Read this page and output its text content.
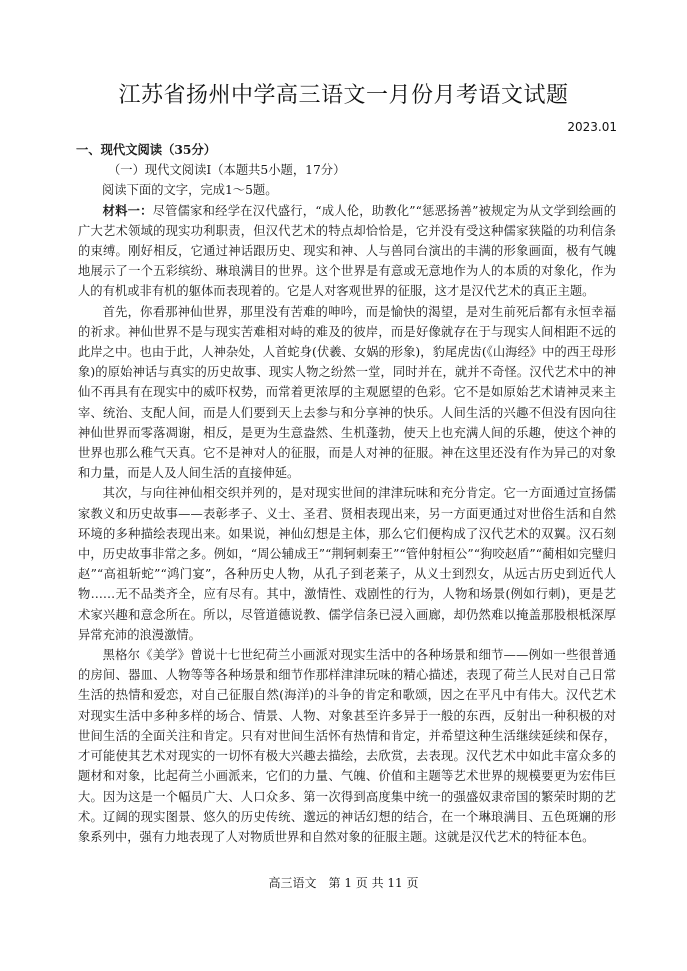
江苏省扬州中学高三语文一月份月考语文试题
2023.01

一、现代文阅读（35分）

（一）现代文阅读Ⅰ（本题共5小题，17分）

阅读下面的文字，完成1～5题。

材料一：尽管儒家和经学在汉代盛行，“成人伦，助教化”“惩恶扬善”被规定为从文学到绘画的广大艺术领域的现实功利职责，但汉代艺术的特点却恰恰是，它并没有受这种儒家狭隘的功利信条的束缚。刚好相反，它通过神话跟历史、现实和神、人与兽同台演出的丰满的形象画面，极有气魄地展示了一个五彩缤纷、琳琅满目的世界。这个世界是有意或无意地作为人的本质的对象化，作为人的有机或非有机的躯体而表现着的。它是人对客观世界的征服，这才是汉代艺术的真正主题。

首先，你看那神仙世界，那里没有苦难的呻吟，而是愉快的渴望，是对生前死后都有永恒幸福的祈求。神仙世界不是与现实苦难相对峙的难及的彼岸，而是好像就存在于与现实人间相距不远的此岸之中。也由于此，人神杂处，人首蛇身(伏羲、女娲的形象)，豹尾虎齿(《山海经》中的西王母形象)的原始神话与真实的历史故事、现实人物之纷然一堂，同时并在，就并不奇怪。汉代艺术中的神仙不再具有在现实中的威吓权势，而常着更浓厚的主观愿望的色彩。它不是如原始艺术请神灵来主宰、统治、支配人间，而是人们要到天上去参与和分享神的快乐。人间生活的兴趣不但没有因向往神仙世界而零落凋谢，相反，是更为生意盎然、生机蓬勃，使天上也充满人间的乐趣，使这个神的世界也那么稚气天真。它不是神对人的征服，而是人对神的征服。神在这里还没有作为异己的对象和力量，而是人及人间生活的直接伸延。

其次，与向往神仙相交织并列的，是对现实世间的津津玩味和充分肯定。它一方面通过宣扬儒家教义和历史故事——表彰孝子、义士、圣君、贤相表现出来，另一方面更通过对世俗生活和自然环境的多种描绘表现出来。如果说，神仙幻想是主体，那么它们便构成了汉代艺术的双翼。汉石刻中，历史故事非常之多。例如，“周公辅成王”“荆轲刺秦王”“管仲射桓公”“狗咬赵盾”“蔺相如完璧归赵”“高祖斩蛇”“鸿门宴”，各种历史人物，从孔子到老莱子，从义士到烈女，从远古历史到近代人物……无不品类齐全，应有尽有。其中，激情性、戏剧性的行为，人物和场景(例如行刺)，更是艺术家兴趣和意念所在。所以，尽管道德说教、儒学信条已浸入画廊，却仍然难以掩盖那股根柢深厚异常充沛的浪漫激情。

黑格尔《美学》曾说十七世纪荷兰小画派对现实生活中的各种场景和细节——例如一些很普通的房间、器皿、人物等等各种场景和细节作那样津津玩味的精心描述，表现了荷兰人民对自己日常生活的热情和爱恋，对自己征服自然(海洋)的斗争的肯定和歌颂，因之在平凡中有伟大。汉代艺术对现实生活中多种多样的场合、情景、人物、对象甚至许多异于一般的东西，反射出一种积极的对世间生活的全面关注和肯定。只有对世间生活怀有热情和肯定，并希望这种生活继续延续和保存，才可能使其艺术对现实的一切怀有极大兴趣去描绘，去欣赏，去表现。汉代艺术中如此丰富众多的题材和对象，比起荷兰小画派来，它们的力量、气魄、价值和主题等艺术世界的规模要更为宏伟巨大。因为这是一个幅员广大、人口众多、第一次得到高度集中统一的强盛奴隶帝国的繁荣时期的艺术。辽阔的现实图景、悠久的历史传统、邈远的神话幻想的结合，在一个琳琅满目、五色斑斓的形象系列中，强有力地表现了人对物质世界和自然对象的征服主题。这就是汉代艺术的特征本色。

高三语文　第 1 页 共 11 页
